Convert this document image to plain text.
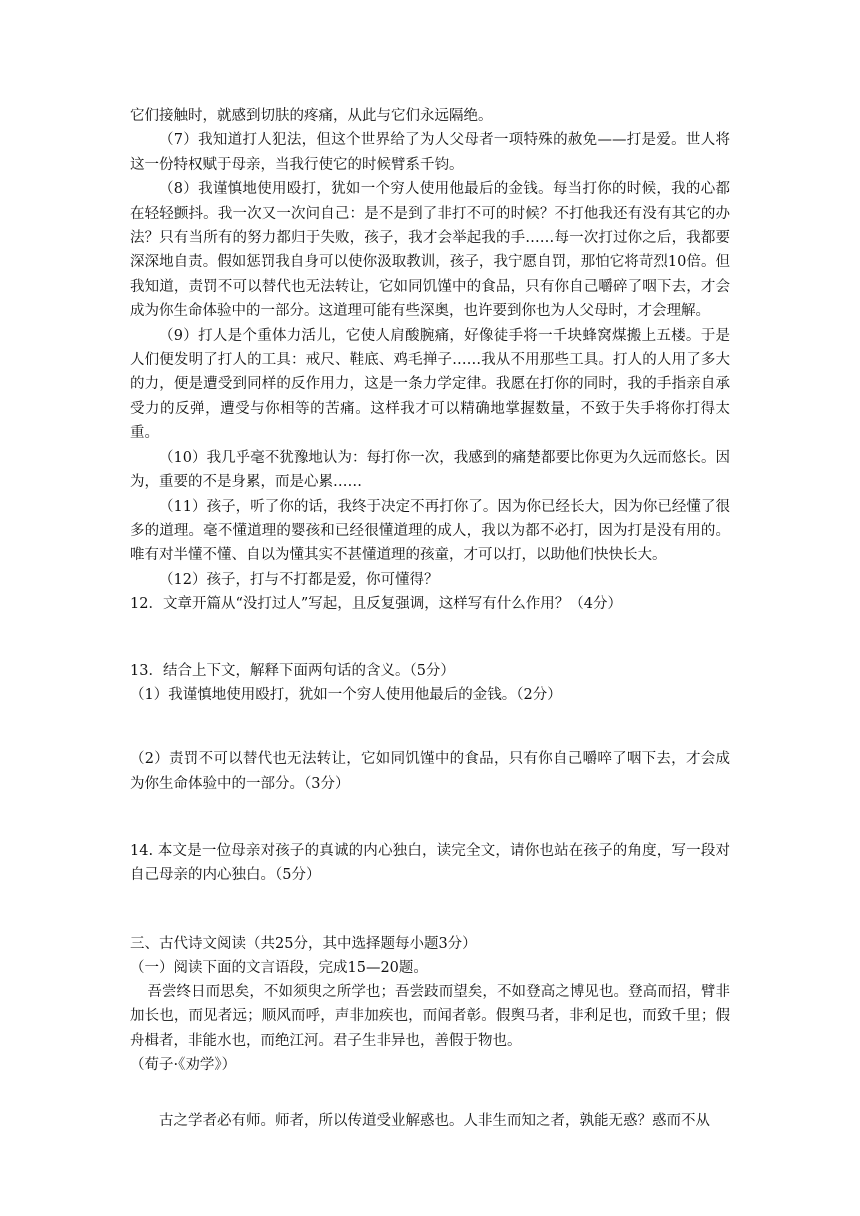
它们接触时，就感到切肤的疼痛，从此与它们永远隔绝。

（7）我知道打人犯法，但这个世界给了为人父母者一项特殊的赦免——打是爱。世人将这一份特权赋于母亲，当我行使它的时候臂系千钧。

（8）我谨慎地使用殴打，犹如一个穷人使用他最后的金钱。每当打你的时候，我的心都在轻轻颤抖。我一次又一次问自己：是不是到了非打不可的时候？不打他我还有没有其它的办法？只有当所有的努力都归于失败，孩子，我才会举起我的手……每一次打过你之后，我都要深深地自责。假如惩罚我自身可以使你汲取教训，孩子，我宁愿自罚，那怕它将苛烈10倍。但我知道，责罚不可以替代也无法转让，它如同饥馑中的食品，只有你自己嚼碎了咽下去，才会成为你生命体验中的一部分。这道理可能有些深奥，也许要到你也为人父母时，才会理解。

（9）打人是个重体力活儿，它使人肩酸腕痛，好像徒手将一千块蜂窝煤搬上五楼。于是人们便发明了打人的工具：戒尺、鞋底、鸡毛掸子……我从不用那些工具。打人的人用了多大的力，便是遭受到同样的反作用力，这是一条力学定律。我愿在打你的同时，我的手指亲自承受力的反弹，遭受与你相等的苦痛。这样我才可以精确地掌握数量，不致于失手将你打得太重。

（10）我几乎毫不犹豫地认为：每打你一次，我感到的痛楚都要比你更为久远而悠长。因为，重要的不是身累，而是心累……

（11）孩子，听了你的话，我终于决定不再打你了。因为你已经长大，因为你已经懂了很多的道理。毫不懂道理的婴孩和已经很懂道理的成人，我以为都不必打，因为打是没有用的。唯有对半懂不懂、自以为懂其实不甚懂道理的孩童，才可以打，以助他们快快长大。

（12）孩子，打与不打都是爱，你可懂得？

12．文章开篇从“没打过人”写起，且反复强调，这样写有什么作用？（4分）

13．结合上下文，解释下面两句话的含义。（5分）

（1）我谨慎地使用殴打，犹如一个穷人使用他最后的金钱。（2分）

（2）责罚不可以替代也无法转让，它如同饥馑中的食品，只有你自己嚼啐了咽下去，才会成为你生命体验中的一部分。（3分）

14. 本文是一位母亲对孩子的真诚的内心独白，读完全文，请你也站在孩子的角度，写一段对自己母亲的内心独白。（5分）

三、古代诗文阅读（共25分，其中选择题每小题3分）

（一）阅读下面的文言语段，完成15—20题。

吾尝终日而思矣，不如须臾之所学也；吾尝跂而望矣，不如登高之博见也。登高而招，臂非加长也，而见者远；顺风而呼，声非加疾也，而闻者彰。假舆马者，非利足也，而致千里；假舟楫者，非能水也，而绝江河。君子生非异也，善假于物也。

（荀子·《劝学》）

古之学者必有师。师者，所以传道受业解惑也。人非生而知之者，孰能无惑？惑而不从
